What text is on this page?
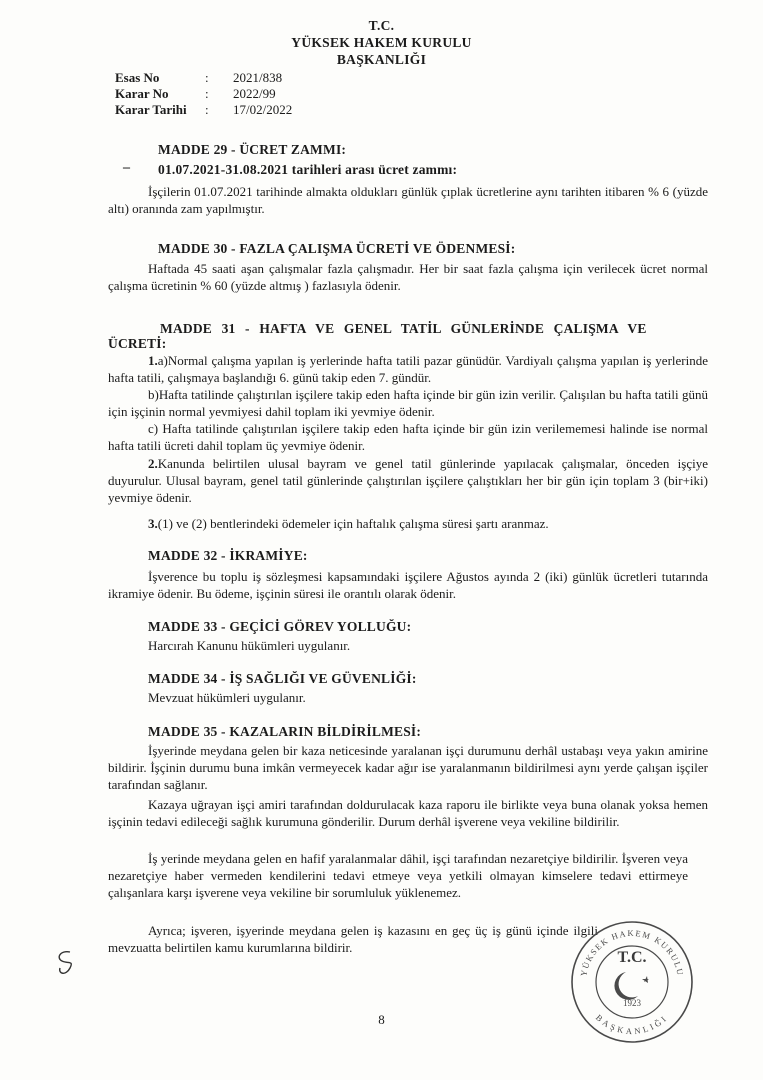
T.C.
YÜKSEK HAKEM KURULU
BAŞKANLIĞI
Esas No	:	2021/838
Karar No	:	2022/99
Karar Tarihi	:	17/02/2022
MADDE 29 - ÜCRET ZAMMI:
– 01.07.2021-31.08.2021 tarihleri arası ücret zammı:
İşçilerin 01.07.2021 tarihinde almakta oldukları günlük çıplak ücretlerine aynı tarihten itibaren % 6 (yüzde altı) oranında zam yapılmıştır.
MADDE 30 - FAZLA ÇALIŞMA ÜCRETİ VE ÖDENMESİ:
Haftada 45 saati aşan çalışmalar fazla çalışmadır. Her bir saat fazla çalışma için verilecek ücret normal çalışma ücretinin % 60 (yüzde altmış ) fazlasıyla ödenir.
MADDE 31 - HAFTA VE GENEL TATİL GÜNLERİNDE ÇALIŞMA VE
ÜCRETİ:
1.a)Normal çalışma yapılan iş yerlerinde hafta tatili pazar günüdür. Vardiyalı çalışma yapılan iş yerlerinde hafta tatili, çalışmaya başlandığı 6. günü takip eden 7. gündür.
b)Hafta tatilinde çalıştırılan işçilere takip eden hafta içinde bir gün izin verilir. Çalışılan bu hafta tatili günü için işçinin normal yevmiyesi dahil toplam iki yevmiye ödenir.
c) Hafta tatilinde çalıştırılan işçilere takip eden hafta içinde bir gün izin verilememesi halinde ise normal hafta tatili ücreti dahil toplam üç yevmiye ödenir.
2.Kanunda belirtilen ulusal bayram ve genel tatil günlerinde yapılacak çalışmalar, önceden işçiye duyurulur. Ulusal bayram, genel tatil günlerinde çalıştırılan işçilere çalıştıkları her bir gün için toplam 3 (bir+iki) yevmiye ödenir.
3.(1) ve (2) bentlerindeki ödemeler için haftalık çalışma süresi şartı aranmaz.
MADDE 32 - İKRAMİYE:
İşverence bu toplu iş sözleşmesi kapsamındaki işçilere Ağustos ayında 2 (iki) günlük ücretleri tutarında ikramiye ödenir. Bu ödeme, işçinin süresi ile orantılı olarak ödenir.
MADDE 33 - GEÇİCİ GÖREV YOLLUĞU:
Harcırah Kanunu hükümleri uygulanır.
MADDE 34 - İŞ SAĞLIĞI VE GÜVENLİĞİ:
Mevzuat hükümleri uygulanır.
MADDE 35 - KAZALARIN BİLDİRİLMESİ:
İşyerinde meydana gelen bir kaza neticesinde yaralanan işçi durumunu derhâl ustabaşı veya yakın amirine bildirir. İşçinin durumu buna imkân vermeyecek kadar ağır ise yaralanmanın bildirilmesi aynı yerde çalışan işçiler tarafından sağlanır.
Kazaya uğrayan işçi amiri tarafından doldurulacak kaza raporu ile birlikte veya buna olanak yoksa hemen işçinin tedavi edileceği sağlık kurumuna gönderilir. Durum derhâl işverene veya vekiline bildirilir.
İş yerinde meydana gelen en hafif yaralanmalar dâhil, işçi tarafından nezaretçiye bildirilir. İşveren veya nezaretçiye haber vermeden kendilerini tedavi etmeye veya yetkili olmayan kimselere tedavi ettirmeye çalışanlara karşı işverene veya vekiline bir sorumluluk yüklenemez.
Ayrıca; işveren, işyerinde meydana gelen iş kazasını en geç üç iş günü içinde ilgili mevzuatta belirtilen kamu kurumlarına bildirir.
YÜKSEK HAKEM KURULU
BAŞKANLIĞI
T.C.
1923
8
